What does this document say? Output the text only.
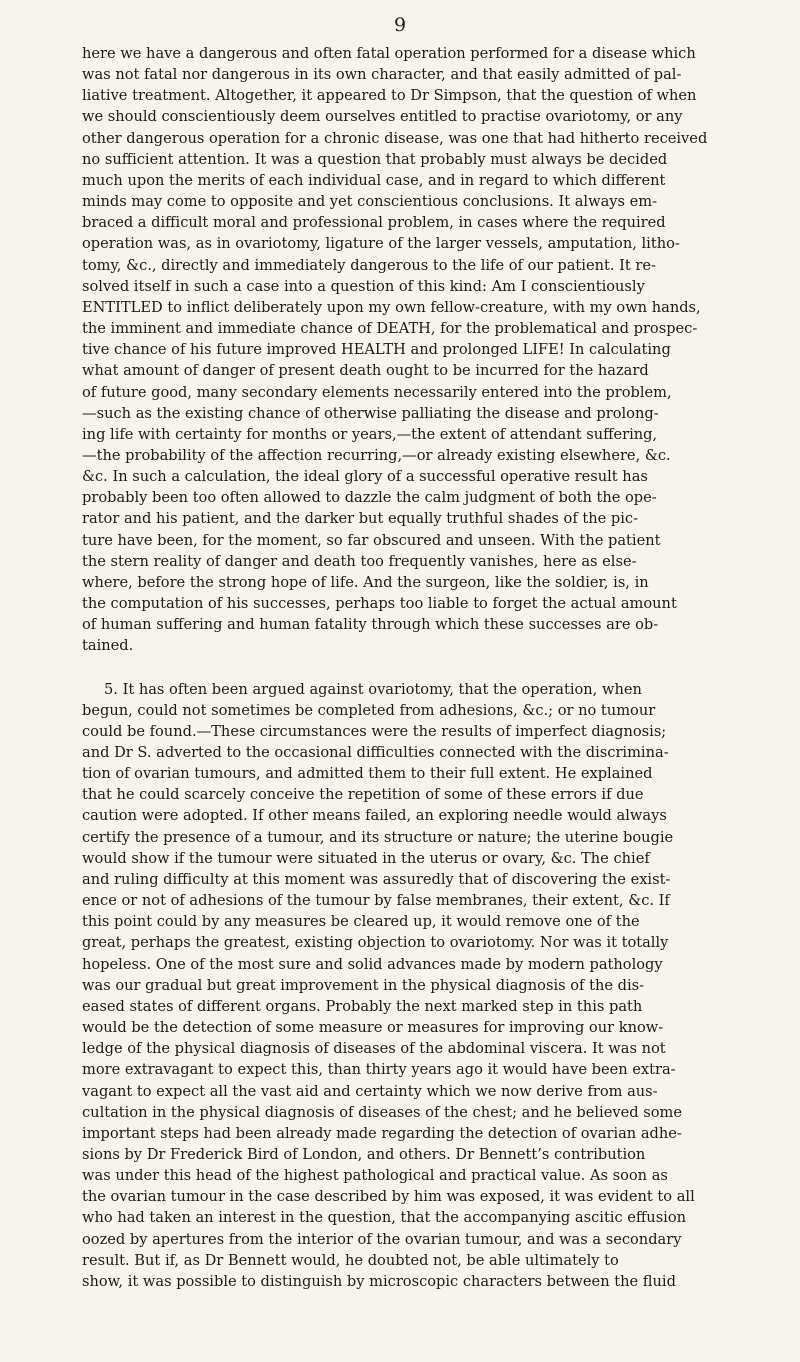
9
here we have a dangerous and often fatal operation performed for a disease which
was not fatal nor dangerous in its own character, and that easily admitted of pal-
liative treatment. Altogether, it appeared to Dr Simpson, that the question of when
we should conscientiously deem ourselves entitled to practise ovariotomy, or any
other dangerous operation for a chronic disease, was one that had hitherto received
no sufficient attention. It was a question that probably must always be decided
much upon the merits of each individual case, and in regard to which different
minds may come to opposite and yet conscientious conclusions. It always em-
braced a difficult moral and professional problem, in cases where the required
operation was, as in ovariotomy, ligature of the larger vessels, amputation, litho-
tomy, &c., directly and immediately dangerous to the life of our patient. It re-
solved itself in such a case into a question of this kind: Am I conscientiously
ENTITLED to inflict deliberately upon my own fellow-creature, with my own hands,
the imminent and immediate chance of DEATH, for the problematical and prospec-
tive chance of his future improved HEALTH and prolonged LIFE! In calculating
what amount of danger of present death ought to be incurred for the hazard
of future good, many secondary elements necessarily entered into the problem,
—such as the existing chance of otherwise palliating the disease and prolong-
ing life with certainty for months or years,—the extent of attendant suffering,
—the probability of the affection recurring,—or already existing elsewhere, &c.
&c. In such a calculation, the ideal glory of a successful operative result has
probably been too often allowed to dazzle the calm judgment of both the ope-
rator and his patient, and the darker but equally truthful shades of the pic-
ture have been, for the moment, so far obscured and unseen. With the patient
the stern reality of danger and death too frequently vanishes, here as else-
where, before the strong hope of life. And the surgeon, like the soldier, is, in
the computation of his successes, perhaps too liable to forget the actual amount
of human suffering and human fatality through which these successes are ob-
tained.
5. It has often been argued against ovariotomy, that the operation, when
begun, could not sometimes be completed from adhesions, &c.; or no tumour
could be found.—These circumstances were the results of imperfect diagnosis;
and Dr S. adverted to the occasional difficulties connected with the discrimina-
tion of ovarian tumours, and admitted them to their full extent. He explained
that he could scarcely conceive the repetition of some of these errors if due
caution were adopted. If other means failed, an exploring needle would always
certify the presence of a tumour, and its structure or nature; the uterine bougie
would show if the tumour were situated in the uterus or ovary, &c. The chief
and ruling difficulty at this moment was assuredly that of discovering the exist-
ence or not of adhesions of the tumour by false membranes, their extent, &c. If
this point could by any measures be cleared up, it would remove one of the
great, perhaps the greatest, existing objection to ovariotomy. Nor was it totally
hopeless. One of the most sure and solid advances made by modern pathology
was our gradual but great improvement in the physical diagnosis of the dis-
eased states of different organs. Probably the next marked step in this path
would be the detection of some measure or measures for improving our know-
ledge of the physical diagnosis of diseases of the abdominal viscera. It was not
more extravagant to expect this, than thirty years ago it would have been extra-
vagant to expect all the vast aid and certainty which we now derive from aus-
cultation in the physical diagnosis of diseases of the chest; and he believed some
important steps had been already made regarding the detection of ovarian adhe-
sions by Dr Frederick Bird of London, and others. Dr Bennett’s contribution
was under this head of the highest pathological and practical value. As soon as
the ovarian tumour in the case described by him was exposed, it was evident to all
who had taken an interest in the question, that the accompanying ascitic effusion
oozed by apertures from the interior of the ovarian tumour, and was a secondary
result. But if, as Dr Bennett would, he doubted not, be able ultimately to
show, it was possible to distinguish by microscopic characters between the fluid
